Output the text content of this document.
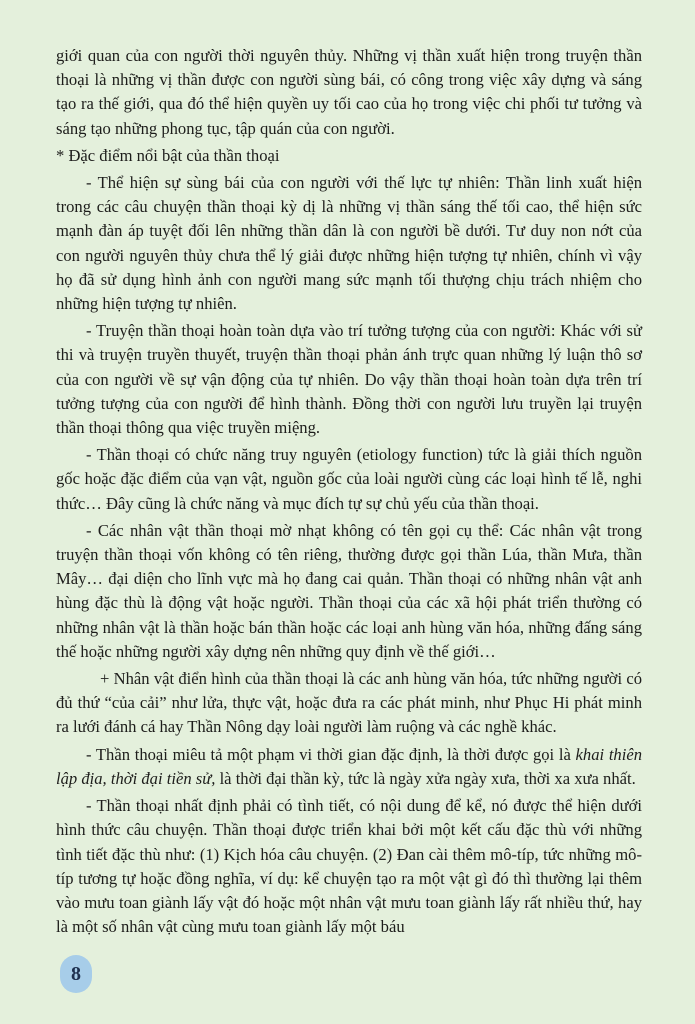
giới quan của con người thời nguyên thủy. Những vị thần xuất hiện trong truyện thần thoại là những vị thần được con người sùng bái, có công trong việc xây dựng và sáng tạo ra thế giới, qua đó thể hiện quyền uy tối cao của họ trong việc chi phối tư tưởng và sáng tạo những phong tục, tập quán của con người.

* Đặc điểm nổi bật của thần thoại

- Thể hiện sự sùng bái của con người với thế lực tự nhiên: Thần linh xuất hiện trong các câu chuyện thần thoại kỳ dị là những vị thần sáng thế tối cao, thể hiện sức mạnh đàn áp tuyệt đối lên những thần dân là con người bề dưới. Tư duy non nớt của con người nguyên thủy chưa thể lý giải được những hiện tượng tự nhiên, chính vì vậy họ đã sử dụng hình ảnh con người mang sức mạnh tối thượng chịu trách nhiệm cho những hiện tượng tự nhiên.

- Truyện thần thoại hoàn toàn dựa vào trí tưởng tượng của con người: Khác với sử thi và truyện truyền thuyết, truyện thần thoại phản ánh trực quan những lý luận thô sơ của con người về sự vận động của tự nhiên. Do vậy thần thoại hoàn toàn dựa trên trí tưởng tượng của con người để hình thành. Đồng thời con người lưu truyền lại truyện thần thoại thông qua việc truyền miệng.

- Thần thoại có chức năng truy nguyên (etiology function) tức là giải thích nguồn gốc hoặc đặc điểm của vạn vật, nguồn gốc của loài người cùng các loại hình tế lễ, nghi thức… Đây cũng là chức năng và mục đích tự sự chủ yếu của thần thoại.

- Các nhân vật thần thoại mờ nhạt không có tên gọi cụ thể: Các nhân vật trong truyện thần thoại vốn không có tên riêng, thường được gọi thần Lúa, thần Mưa, thần Mây… đại diện cho lĩnh vực mà họ đang cai quản. Thần thoại có những nhân vật anh hùng đặc thù là động vật hoặc người. Thần thoại của các xã hội phát triển thường có những nhân vật là thần hoặc bán thần hoặc các loại anh hùng văn hóa, những đấng sáng thế hoặc những người xây dựng nên những quy định về thế giới…

+ Nhân vật điển hình của thần thoại là các anh hùng văn hóa, tức những người có đủ thứ “của cải” như lửa, thực vật, hoặc đưa ra các phát minh, như Phục Hi phát minh ra lưới đánh cá hay Thần Nông dạy loài người làm ruộng và các nghề khác.

- Thần thoại miêu tả một phạm vi thời gian đặc định, là thời được gọi là khai thiên lập địa, thời đại tiền sử, là thời đại thần kỳ, tức là ngày xửa ngày xưa, thời xa xưa nhất.

- Thần thoại nhất định phải có tình tiết, có nội dung để kể, nó được thể hiện dưới hình thức câu chuyện. Thần thoại được triển khai bởi một kết cấu đặc thù với những tình tiết đặc thù như: (1) Kịch hóa câu chuyện. (2) Đan cài thêm mô-típ, tức những mô-típ tương tự hoặc đồng nghĩa, ví dụ: kể chuyện tạo ra một vật gì đó thì thường lại thêm vào mưu toan giành lấy vật đó hoặc một nhân vật mưu toan giành lấy rất nhiều thứ, hay là một số nhân vật cùng mưu toan giành lấy một báu

8
